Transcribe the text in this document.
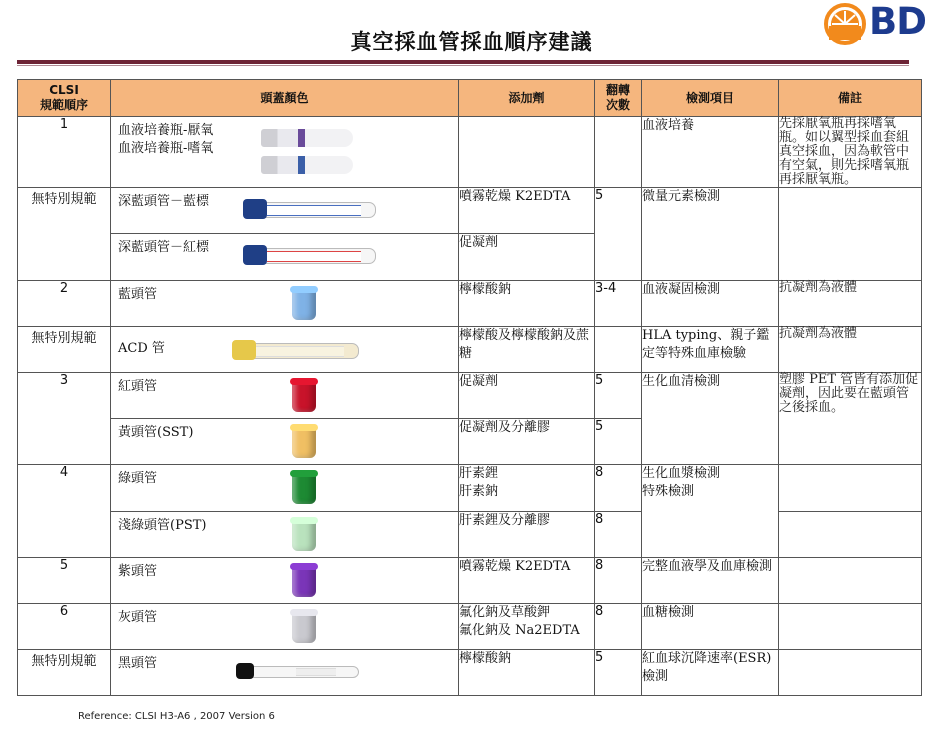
真空採血管採血順序建議	BD
CLSI
規範順序	頭蓋顏色	添加劑	翻轉
次數	檢測項目	備註
1	血液培養瓶-厭氧
血液培養瓶-嗜氧			血液培養	先採厭氧瓶再採嗜氧瓶。如以翼型採血套組真空採血，因為軟管中有空氣，則先採嗜氧瓶再採厭氧瓶。
無特別規範	深藍頭管－藍標	噴霧乾燥 K2EDTA	5	微量元素檢測	

	深藍頭管－紅標	促凝劑			
2	藍頭管	檸檬酸鈉	3-4	血液凝固檢測	抗凝劑為液體
無特別規範	ACD 管	檸檬酸及檸檬酸鈉及蔗糖		HLA typing、親子鑑定等特殊血庫檢驗	抗凝劑為液體
3	紅頭管	促凝劑	5	生化血清檢測	塑膠 PET 管皆有添加促凝劑，因此要在藍頭管之後採血。

	黃頭管(SST)	促凝劑及分離膠	5		
4	綠頭管	肝素鋰
肝素鈉	8	生化血漿檢測
特殊檢測	

	淺綠頭管(PST)	肝素鋰及分離膠	8		
5	紫頭管	噴霧乾燥 K2EDTA	8	完整血液學及血庫檢測	
6	灰頭管	氟化鈉及草酸鉀
氟化鈉及 Na2EDTA	8	血糖檢測	
無特別規範	黑頭管	檸檬酸鈉	5	紅血球沉降速率(ESR)檢測	
Reference: CLSI H3-A6 , 2007 Version 6
